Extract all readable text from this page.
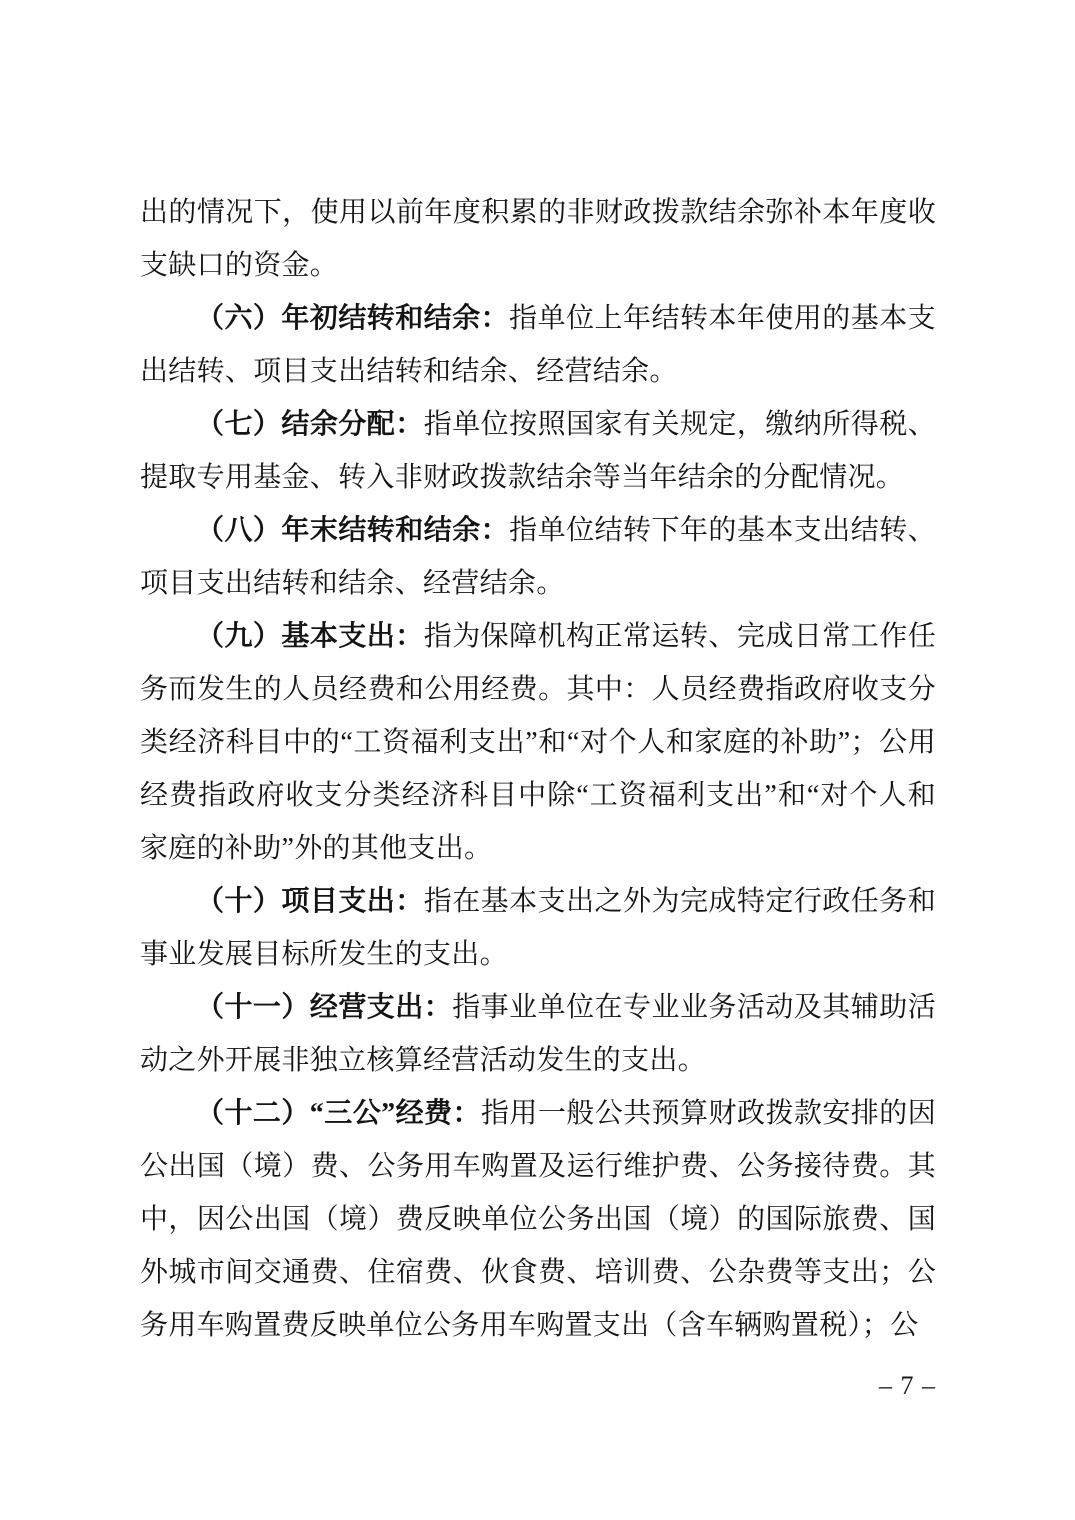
出的情况下，使用以前年度积累的非财政拨款结余弥补本年度收支缺口的资金。

（六）年初结转和结余：指单位上年结转本年使用的基本支出结转、项目支出结转和结余、经营结余。

（七）结余分配：指单位按照国家有关规定，缴纳所得税、提取专用基金、转入非财政拨款结余等当年结余的分配情况。

（八）年末结转和结余：指单位结转下年的基本支出结转、项目支出结转和结余、经营结余。

（九）基本支出：指为保障机构正常运转、完成日常工作任务而发生的人员经费和公用经费。其中：人员经费指政府收支分类经济科目中的“工资福利支出”和“对个人和家庭的补助”；公用经费指政府收支分类经济科目中除“工资福利支出”和“对个人和家庭的补助”外的其他支出。

（十）项目支出：指在基本支出之外为完成特定行政任务和事业发展目标所发生的支出。

（十一）经营支出：指事业单位在专业业务活动及其辅助活动之外开展非独立核算经营活动发生的支出。

（十二）“三公”经费：指用一般公共预算财政拨款安排的因公出国（境）费、公务用车购置及运行维护费、公务接待费。其中，因公出国（境）费反映单位公务出国（境）的国际旅费、国外城市间交通费、住宿费、伙食费、培训费、公杂费等支出；公务用车购置费反映单位公务用车购置支出（含车辆购置税）；公

– 7 –
